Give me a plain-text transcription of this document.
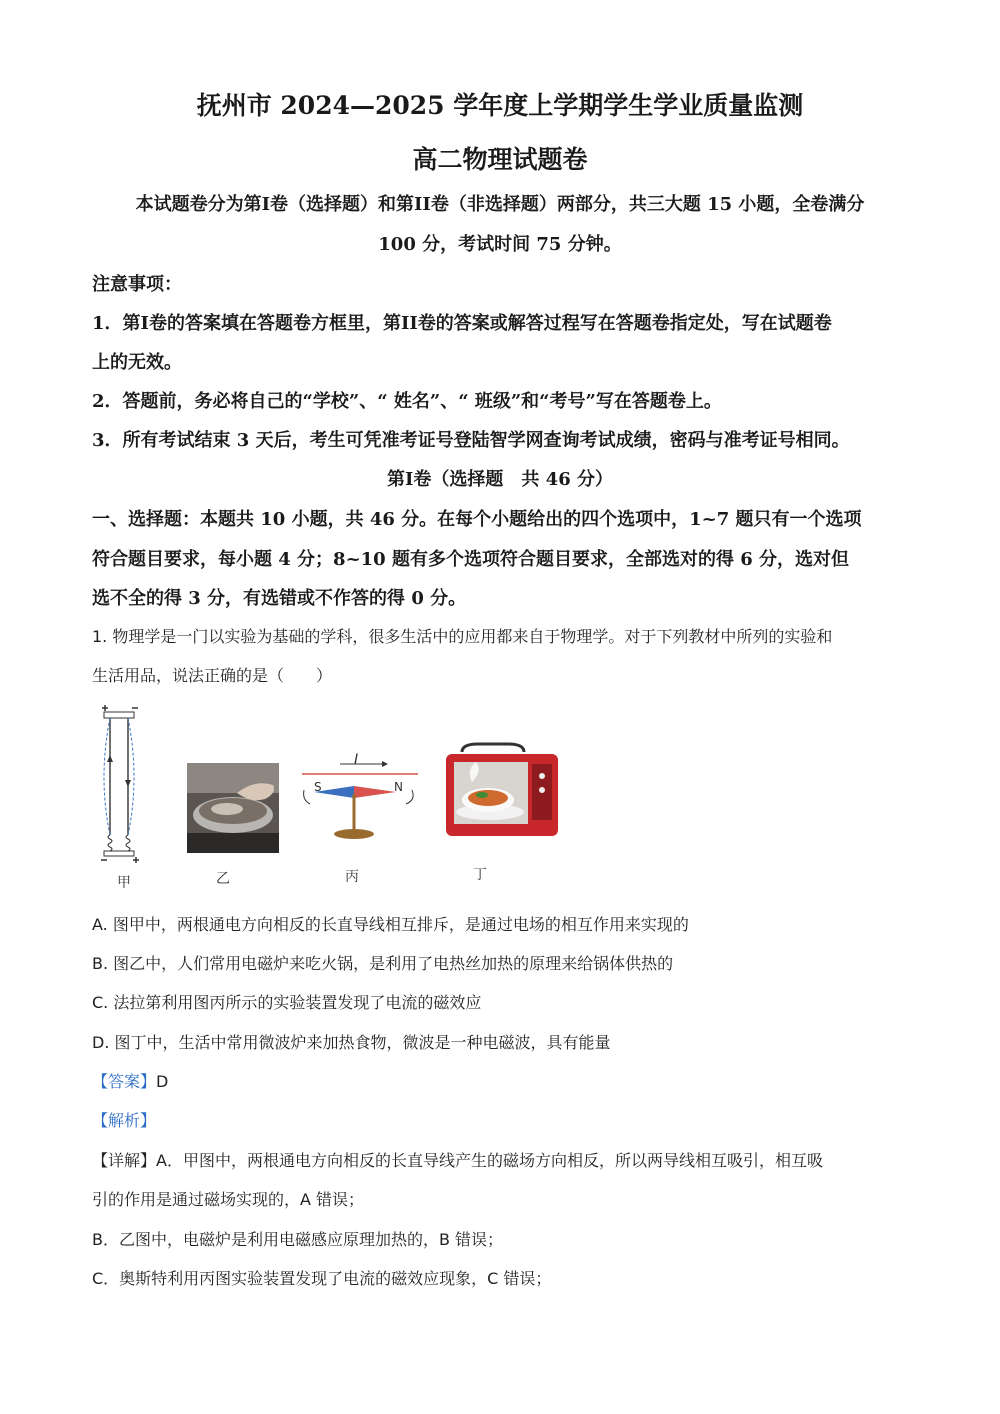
抚州市 2024—2025 学年度上学期学生学业质量监测
高二物理试题卷
本试题卷分为第I卷（选择题）和第II卷（非选择题）两部分，共三大题 15 小题，全卷满分
100 分，考试时间 75 分钟。
注意事项：
1．第I卷的答案填在答题卷方框里，第II卷的答案或解答过程写在答题卷指定处，写在试题卷
上的无效。
2．答题前，务必将自己的“学校”、“ 姓名”、“ 班级”和“考号”写在答题卷上。
3．所有考试结束 3 天后，考生可凭准考证号登陆智学网查询考试成绩，密码与准考证号相同。
第I卷（选择题　共 46 分）
一、选择题：本题共 10 小题，共 46 分。在每个小题给出的四个选项中，1~7 题只有一个选项
符合题目要求，每小题 4 分；8~10 题有多个选项符合题目要求，全部选对的得 6 分，选对但
选不全的得 3 分，有选错或不作答的得 0 分。
1. 物理学是一门以实验为基础的学科，很多生活中的应用都来自于物理学。对于下列教材中所列的实验和
生活用品，说法正确的是（　　）
甲	乙
I
S	N
丙	丁
A. 图甲中，两根通电方向相反的长直导线相互排斥，是通过电场的相互作用来实现的
B. 图乙中，人们常用电磁炉来吃火锅，是利用了电热丝加热的原理来给锅体供热的
C. 法拉第利用图丙所示的实验装置发现了电流的磁效应
D. 图丁中，生活中常用微波炉来加热食物，微波是一种电磁波，具有能量
【答案】D
【解析】
【详解】A．甲图中，两根通电方向相反的长直导线产生的磁场方向相反，所以两导线相互吸引，相互吸
引的作用是通过磁场实现的，A 错误；
B．乙图中，电磁炉是利用电磁感应原理加热的，B 错误；
C．奥斯特利用丙图实验装置发现了电流的磁效应现象，C 错误；
